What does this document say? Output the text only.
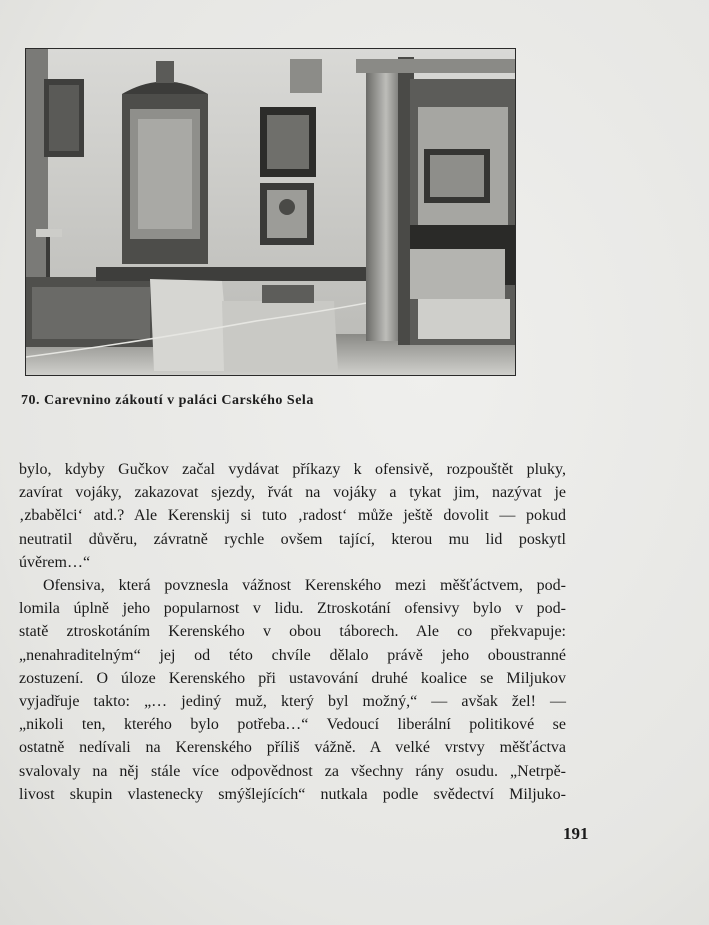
70. Carevnino zákoutí v paláci Carského Sela
bylo, kdyby Gučkov začal vydávat příkazy k ofensivě, rozpouštět pluky,
zavírat vojáky, zakazovat sjezdy, řvát na vojáky a tykat jim, nazývat je
‚zbabělci‘ atd.? Ale Kerenskij si tuto ‚radost‘ může ještě dovolit — pokud
neutratil důvěru, závratně rychle ovšem tající, kterou mu lid poskytl
úvěrem…“
Ofensiva, která povznesla vážnost Kerenského mezi měšťáctvem, pod-
lomila úplně jeho popularnost v lidu. Ztroskotání ofensivy bylo v pod-
statě ztroskotáním Kerenského v obou táborech. Ale co překvapuje:
„nenahraditelným“ jej od této chvíle dělalo právě jeho oboustranné
zostuzení. O úloze Kerenského při ustavování druhé koalice se Miljukov
vyjadřuje takto: „… jediný muž, který byl možný,“ — avšak žel! —
„nikoli ten, kterého bylo potřeba…“ Vedoucí liberální politikové se
ostatně nedívali na Kerenského příliš vážně. A velké vrstvy měšťáctva
svalovaly na něj stále více odpovědnost za všechny rány osudu. „Netrpě-
livost skupin vlastenecky smýšlejících“ nutkala podle svědectví Miljuko-
191
